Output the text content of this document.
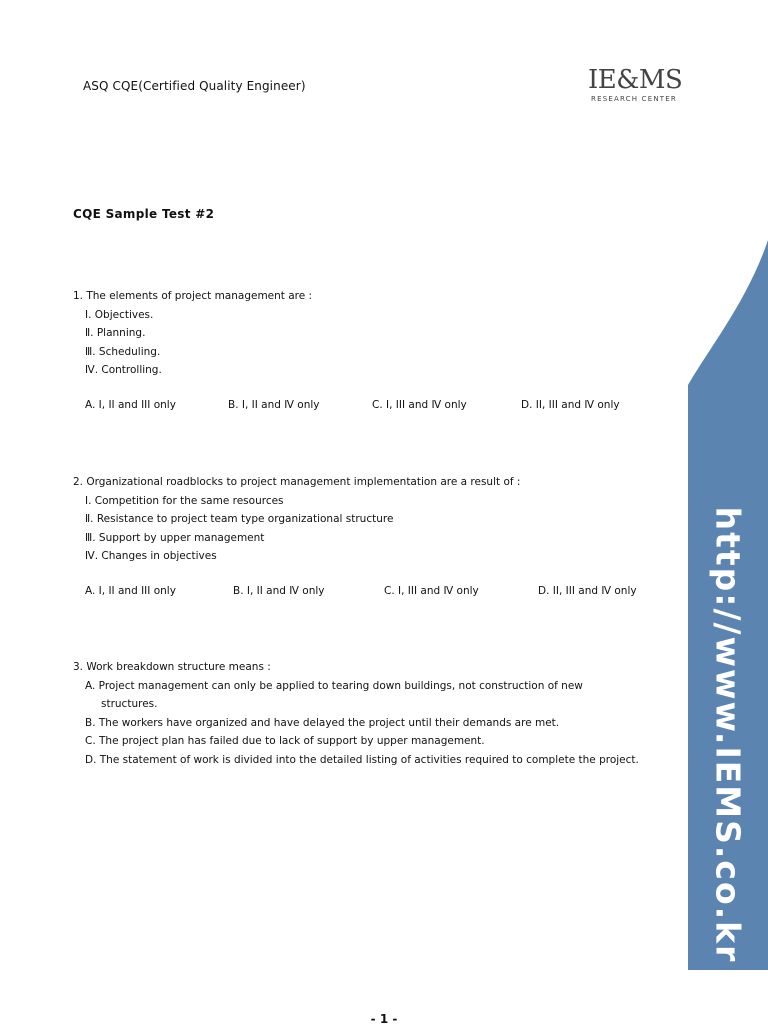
ASQ CQE(Certified Quality Engineer)	IE&MS
RESEARCH CENTER
CQE Sample Test #2
1. The elements of project management are :
Ⅰ. Objectives.
Ⅱ. Planning.
Ⅲ. Scheduling.
Ⅳ. Controlling.
A. I, II and III only	B. I, II and Ⅳ only	C. I, III and Ⅳ only	D. II, III and Ⅳ only
2. Organizational roadblocks to project management implementation are a result of :
Ⅰ. Competition for the same resources
Ⅱ. Resistance to project team type organizational structure
Ⅲ. Support by upper management
Ⅳ. Changes in objectives
A. I, II and III only	B. I, II and Ⅳ only	C. I, III and Ⅳ only	D. II, III and Ⅳ only
3. Work breakdown structure means :
A. Project management can only be applied to tearing down buildings, not construction of new
structures.
B. The workers have organized and have delayed the project until their demands are met.
C. The project plan has failed due to lack of support by upper management.
D. The statement of work is divided into the detailed listing of activities required to complete the project. http://www.IEMS.co.kr
- 1 -
